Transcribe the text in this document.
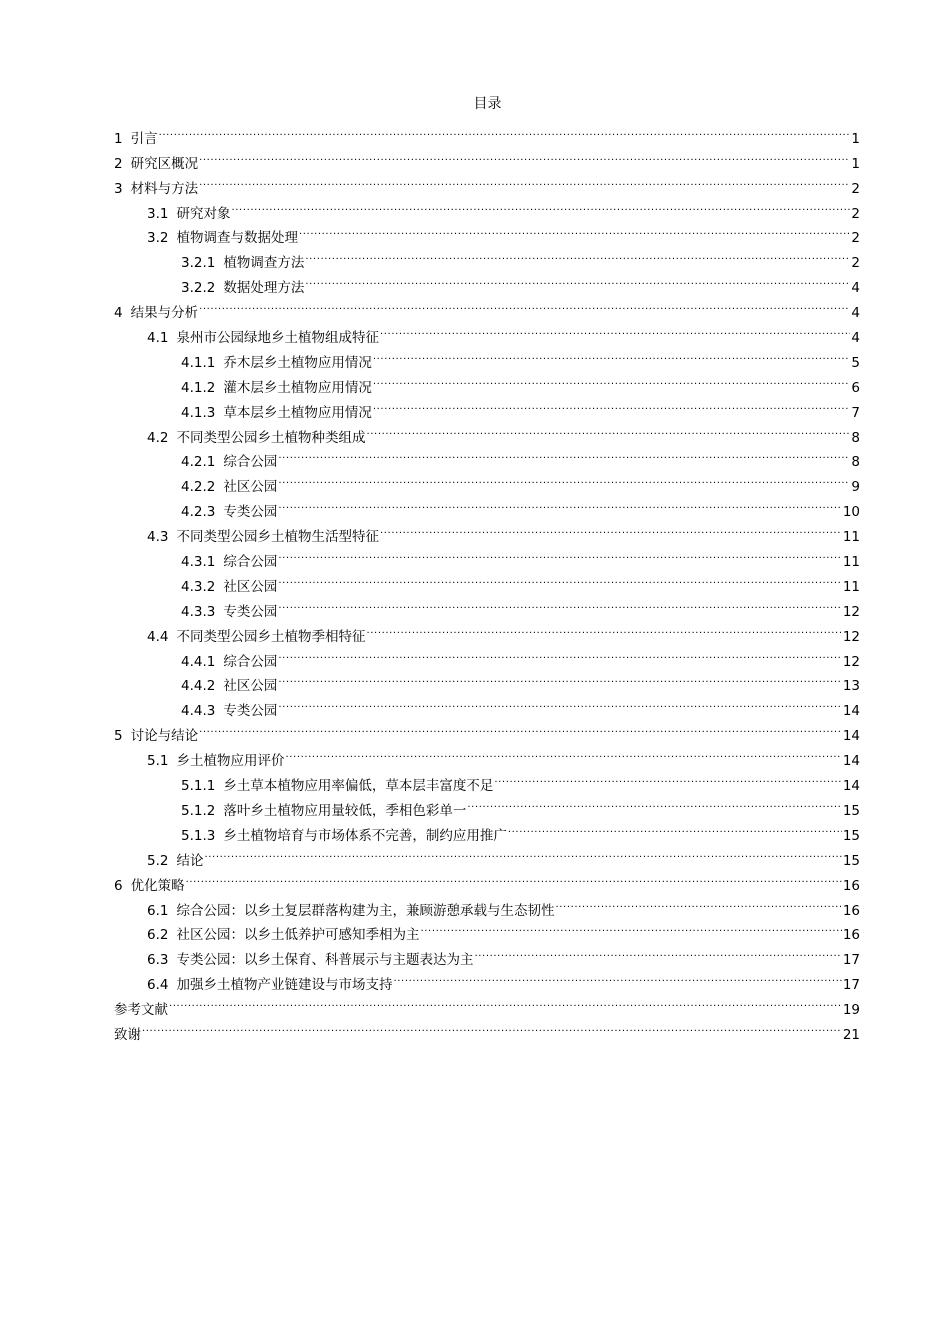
目录
1 引言 .....	1
2 研究区概况 .....	1
3 材料与方法 .....	2
3.1 研究对象 .....	2
3.2 植物调查与数据处理 .....	2
3.2.1 植物调查方法 .....	2
3.2.2 数据处理方法 .....	4
4 结果与分析 .....	4
4.1 泉州市公园绿地乡土植物组成特征 .....	4
4.1.1 乔木层乡土植物应用情况 .....	5
4.1.2 灌木层乡土植物应用情况 .....	6
4.1.3 草本层乡土植物应用情况 .....	7
4.2 不同类型公园乡土植物种类组成 .....	8
4.2.1 综合公园 .....	8
4.2.2 社区公园 .....	9
4.2.3 专类公园 .....	10
4.3 不同类型公园乡土植物生活型特征 .....	11
4.3.1 综合公园 .....	11
4.3.2 社区公园 .....	11
4.3.3 专类公园 .....	12
4.4 不同类型公园乡土植物季相特征 .....	12
4.4.1 综合公园 .....	12
4.4.2 社区公园 .....	13
4.4.3 专类公园 .....	14
5 讨论与结论 .....	14
5.1 乡土植物应用评价 .....	14
5.1.1 乡土草本植物应用率偏低，草本层丰富度不足 .....	14
5.1.2 落叶乡土植物应用量较低，季相色彩单一 .....	15
5.1.3 乡土植物培育与市场体系不完善，制约应用推广 .....	15
5.2 结论 .....	15
6 优化策略 .....	16
6.1 综合公园：以乡土复层群落构建为主，兼顾游憩承载与生态韧性 .....	16
6.2 社区公园：以乡土低养护可感知季相为主 .....	16
6.3 专类公园：以乡土保育、科普展示与主题表达为主 .....	17
6.4 加强乡土植物产业链建设与市场支持 .....	17
参考文献 .....	19
致谢 .....	21
